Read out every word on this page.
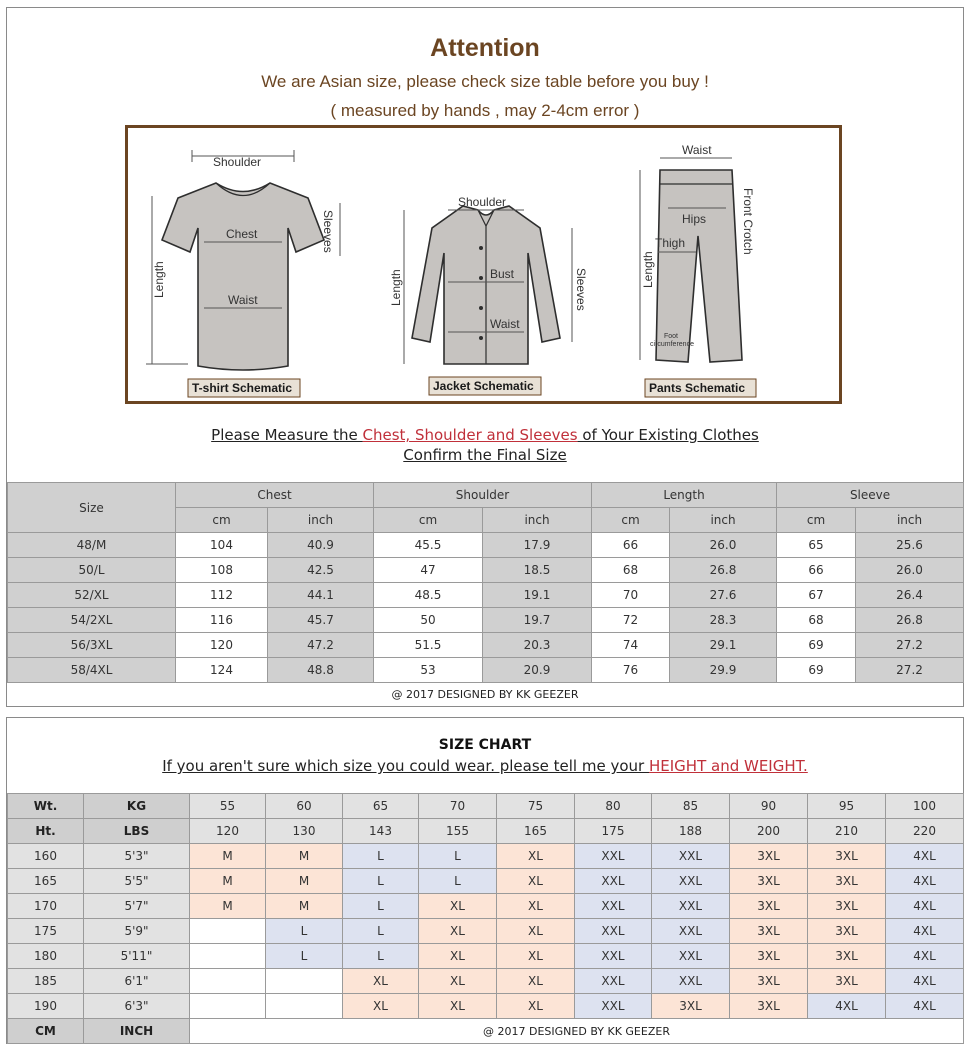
Attention
We are Asian size, please check size table before you buy !
( measured by hands , may 2-4cm error )
Shoulder
Chest
Waist
Length
Sleeves
T-shirt Schematic
Shoulder
Bust
Waist
Length	Sleeves
Jacket Schematic
Waist
Hips
Thigh
Length
Front Crotch
Foot
circumference
Pants Schematic
Please Measure the Chest, Shoulder and Sleeves of Your Existing Clothes
Confirm the Final Size
Size	Chest		Shoulder		Length		Sleeve	
	cm	inch	cm	inch	cm	inch	cm	inch
48/M	104	40.9	45.5	17.9	66	26.0	65	25.6
50/L	108	42.5	47	18.5	68	26.8	66	26.0
52/XL	112	44.1	48.5	19.1	70	27.6	67	26.4
54/2XL	116	45.7	50	19.7	72	28.3	68	26.8
56/3XL	120	47.2	51.5	20.3	74	29.1	69	27.2
58/4XL	124	48.8	53	20.9	76	29.9	69	27.2
@ 2017 DESIGNED BY KK GEEZER
SIZE CHART
If you aren't sure which size you could wear. please tell me your HEIGHT and WEIGHT.
Wt.	KG	55	60	65	70	75	80	85	90	95	100
Ht.	LBS	120	130	143	155	165	175	188	200	210	220
160	5'3"	M	M	L	L	XL	XXL	XXL	3XL	3XL	4XL
165	5'5"	M	M	L	L	XL	XXL	XXL	3XL	3XL	4XL
170	5'7"	M	M	L	XL	XL	XXL	XXL	3XL	3XL	4XL
175	5'9"		L	L	XL	XL	XXL	XXL	3XL	3XL	4XL
180	5'11"		L	L	XL	XL	XXL	XXL	3XL	3XL	4XL
185	6'1"			XL	XL	XL	XXL	XXL	3XL	3XL	4XL
190	6'3"			XL	XL	XL	XXL	3XL	3XL	4XL	4XL
CM	INCH	@ 2017 DESIGNED BY KK GEEZER									
